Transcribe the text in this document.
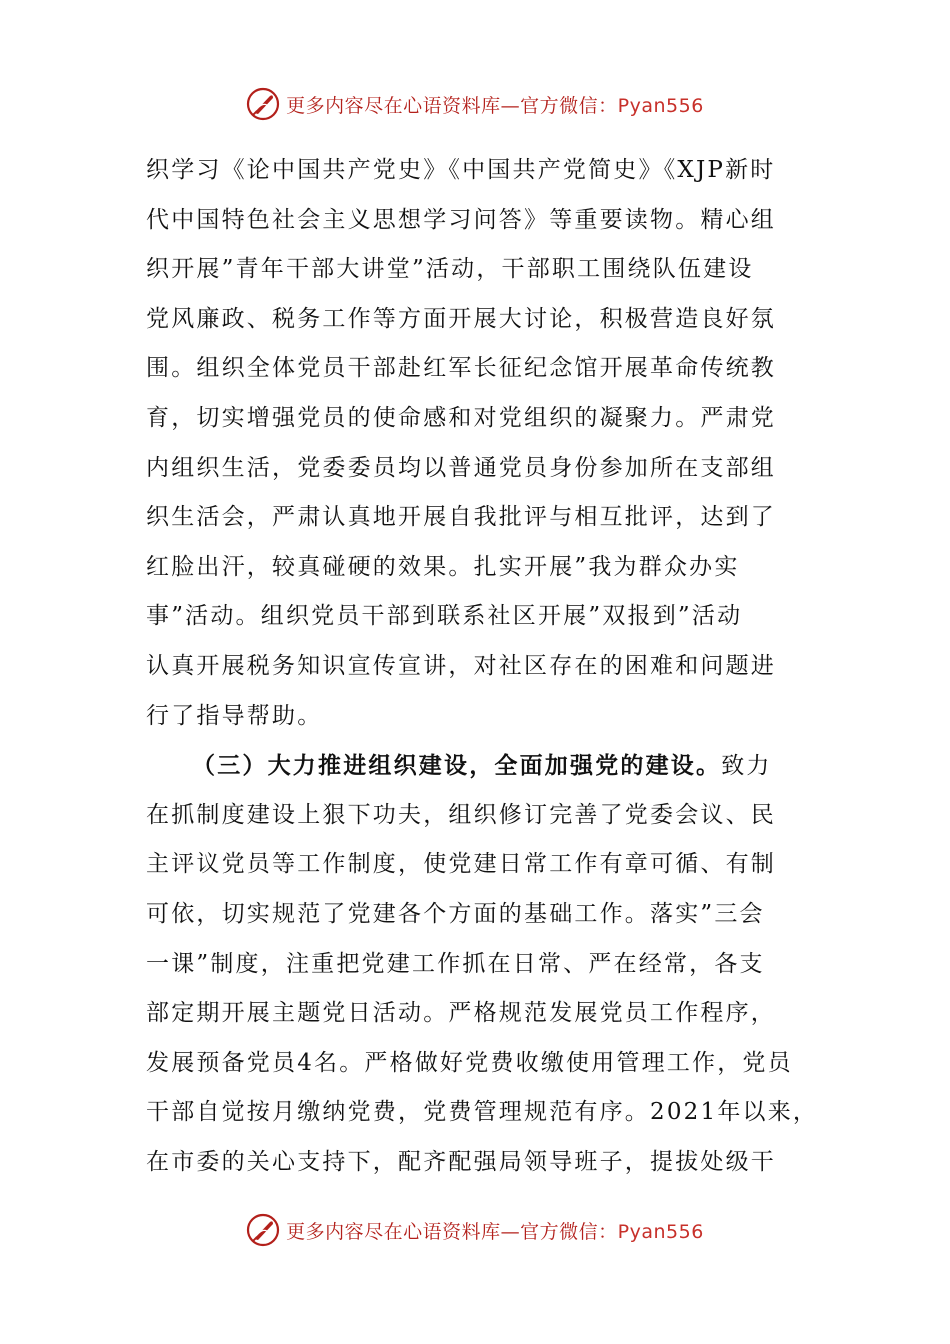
更多内容尽在心语资料库—官方微信：Pyan556
织学习《论中国共产党史》《中国共产党简史》《XJP新时
代中国特色社会主义思想学习问答》等重要读物。精心组
织开展”青年干部大讲堂”活动，干部职工围绕队伍建设
党风廉政、税务工作等方面开展大讨论，积极营造良好氛
围。组织全体党员干部赴红军长征纪念馆开展革命传统教
育，切实增强党员的使命感和对党组织的凝聚力。严肃党
内组织生活，党委委员均以普通党员身份参加所在支部组
织生活会，严肃认真地开展自我批评与相互批评，达到了
红脸出汗，较真碰硬的效果。扎实开展”我为群众办实
事”活动。组织党员干部到联系社区开展”双报到”活动
认真开展税务知识宣传宣讲，对社区存在的困难和问题进
行了指导帮助。
（三）大力推进组织建设，全面加强党的建设。致力
在抓制度建设上狠下功夫，组织修订完善了党委会议、民
主评议党员等工作制度，使党建日常工作有章可循、有制
可依，切实规范了党建各个方面的基础工作。落实”三会
一课”制度，注重把党建工作抓在日常、严在经常，各支
部定期开展主题党日活动。严格规范发展党员工作程序，
发展预备党员4名。严格做好党费收缴使用管理工作，党员
干部自觉按月缴纳党费，党费管理规范有序。2021年以来，
在市委的关心支持下，配齐配强局领导班子，提拔处级干
更多内容尽在心语资料库—官方微信：Pyan556
